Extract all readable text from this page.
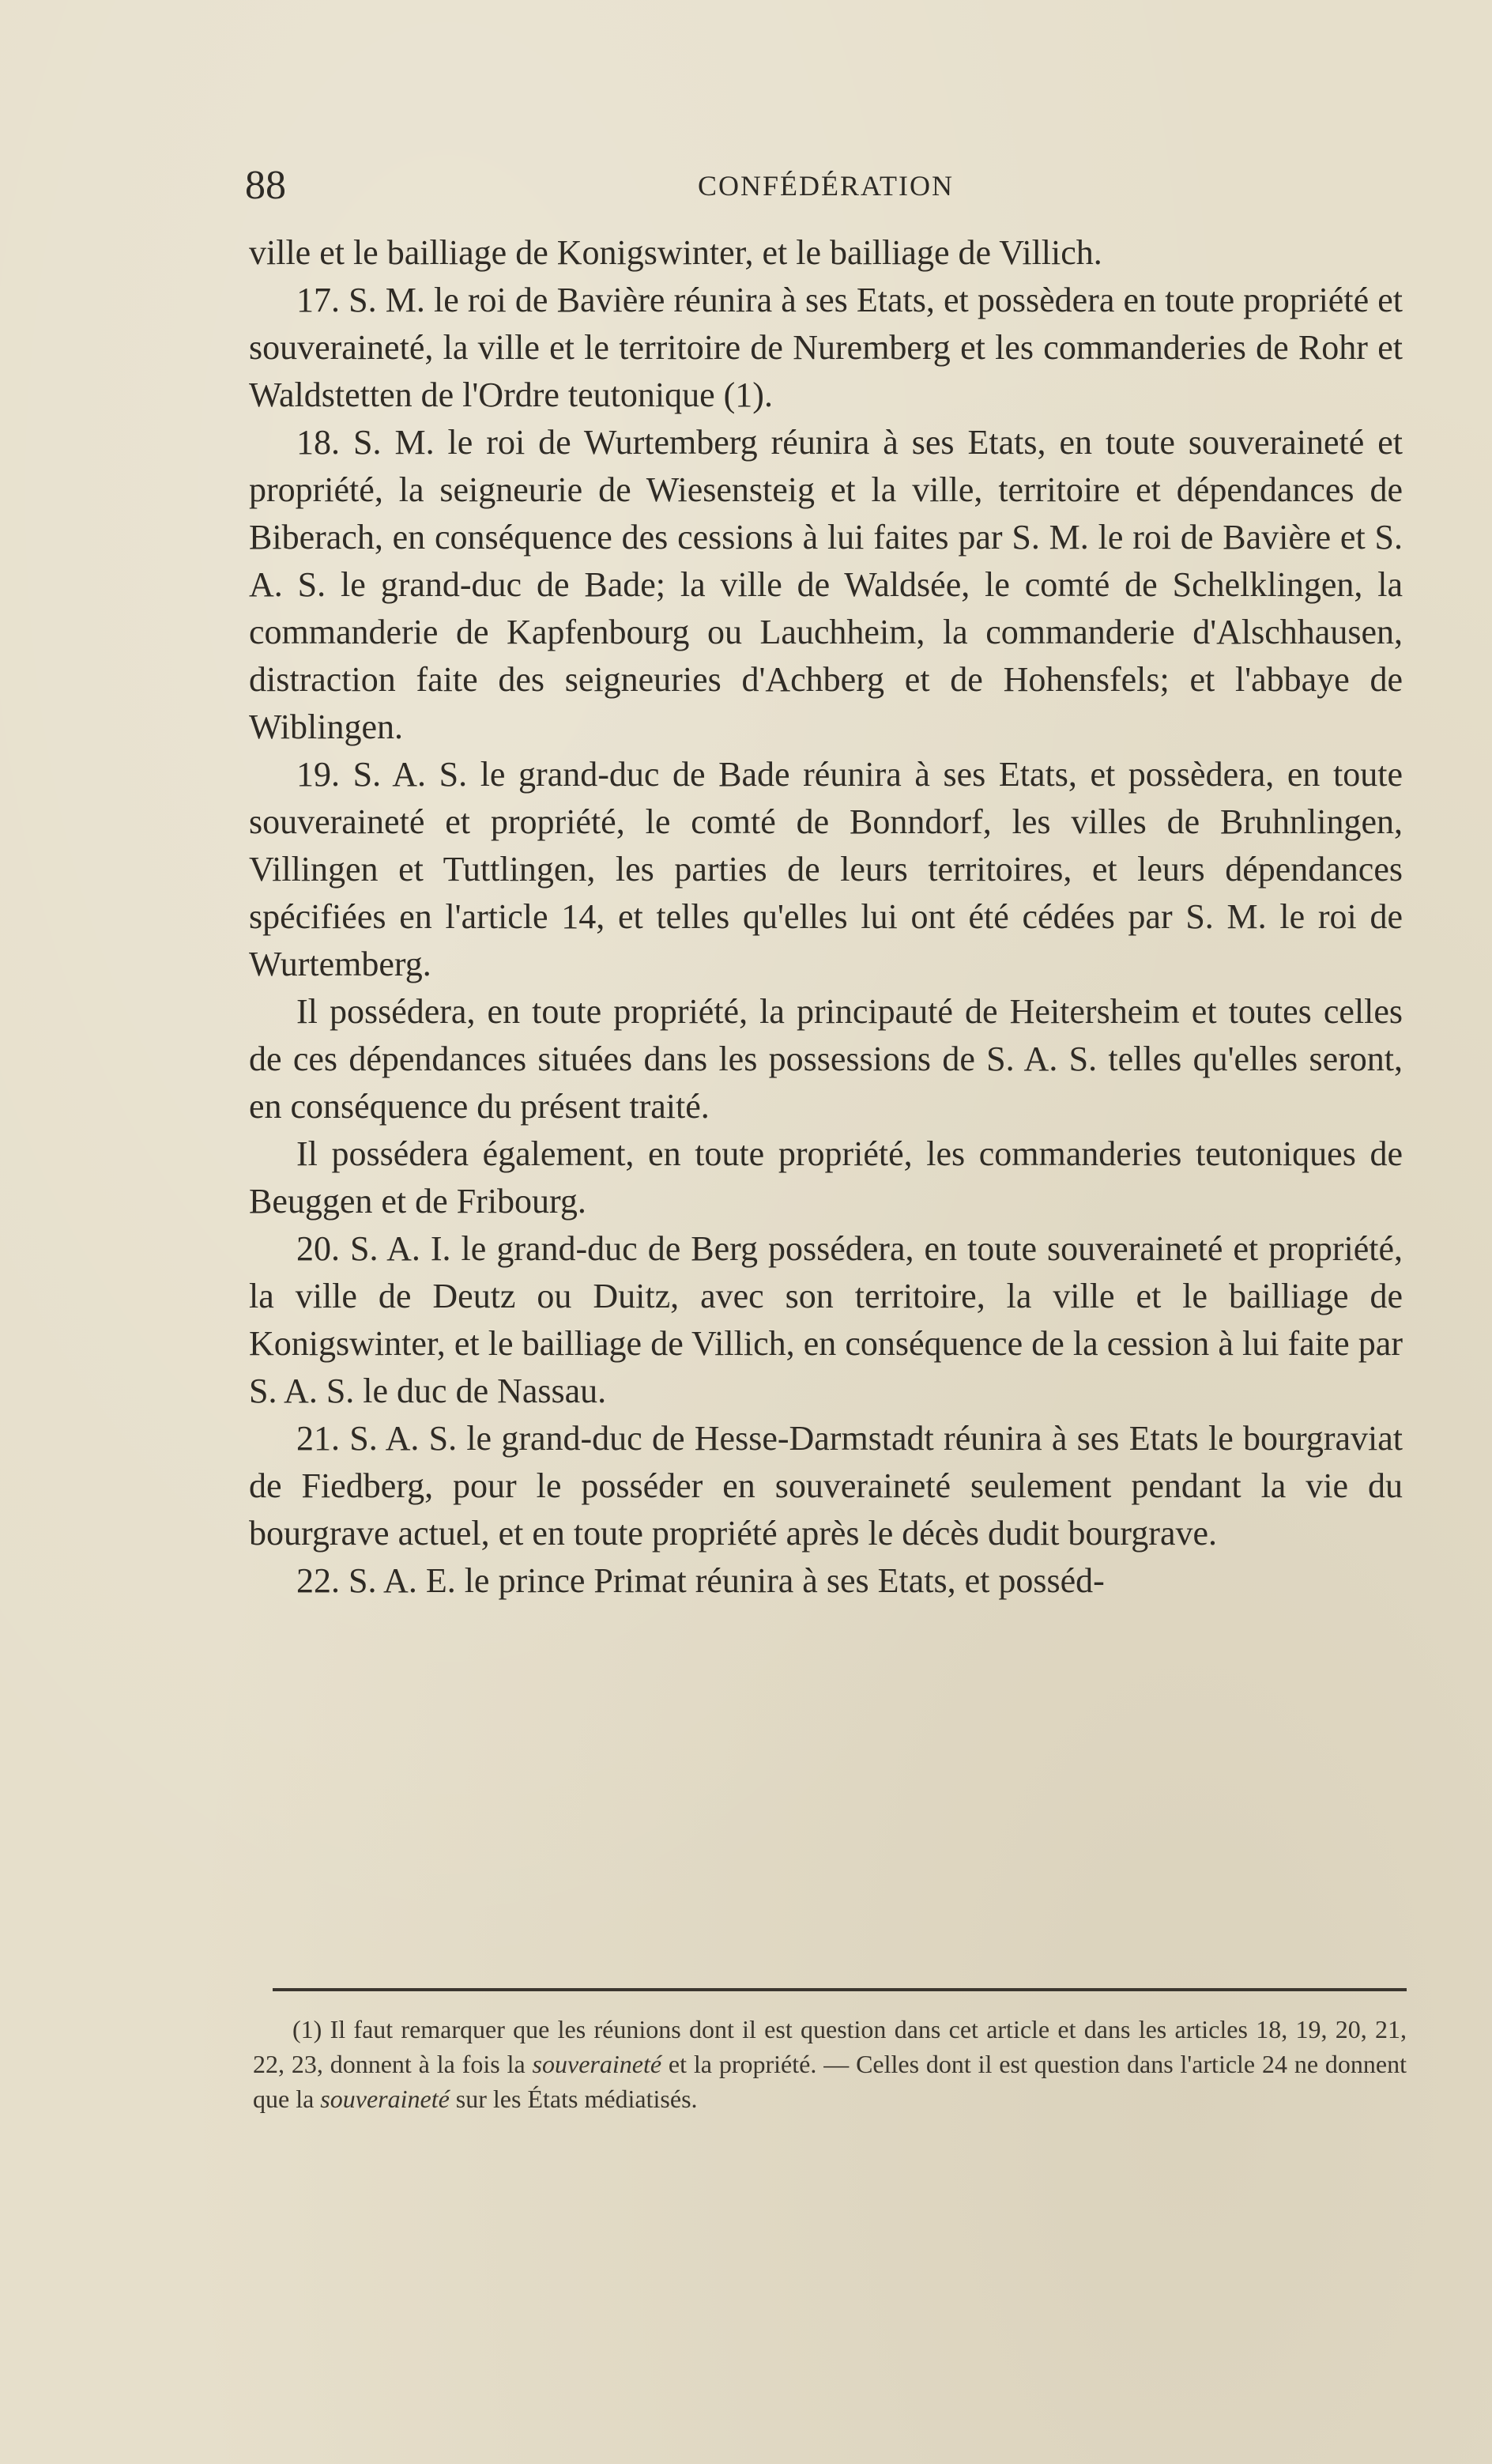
88	CONFÉDÉRATION

ville et le bailliage de Konigswinter, et le bailliage de Villich.

17. S. M. le roi de Bavière réunira à ses Etats, et possèdera en toute propriété et souveraineté, la ville et le territoire de Nuremberg et les commanderies de Rohr et Waldstetten de l'Ordre teutonique (1).

18. S. M. le roi de Wurtemberg réunira à ses Etats, en toute souveraineté et propriété, la seigneurie de Wiesensteig et la ville, territoire et dépendances de Biberach, en conséquence des cessions à lui faites par S. M. le roi de Bavière et S. A. S. le grand-duc de Bade; la ville de Waldsée, le comté de Schelklingen, la commanderie de Kapfenbourg ou Lauchheim, la commanderie d'Alschhausen, distraction faite des seigneuries d'Achberg et de Hohensfels; et l'abbaye de Wiblingen.

19. S. A. S. le grand-duc de Bade réunira à ses Etats, et possèdera, en toute souveraineté et propriété, le comté de Bonndorf, les villes de Bruhnlingen, Villingen et Tuttlingen, les parties de leurs territoires, et leurs dépendances spécifiées en l'article 14, et telles qu'elles lui ont été cédées par S. M. le roi de Wurtemberg.

Il possédera, en toute propriété, la principauté de Heitersheim et toutes celles de ces dépendances situées dans les possessions de S. A. S. telles qu'elles seront, en conséquence du présent traité.

Il possédera également, en toute propriété, les commanderies teutoniques de Beuggen et de Fribourg.

20. S. A. I. le grand-duc de Berg possédera, en toute souveraineté et propriété, la ville de Deutz ou Duitz, avec son territoire, la ville et le bailliage de Konigswinter, et le bailliage de Villich, en conséquence de la cession à lui faite par S. A. S. le duc de Nassau.

21. S. A. S. le grand-duc de Hesse-Darmstadt réunira à ses Etats le bourgraviat de Fiedberg, pour le posséder en souveraineté seulement pendant la vie du bourgrave actuel, et en toute propriété après le décès dudit bourgrave.

22. S. A. E. le prince Primat réunira à ses Etats, et posséd-

(1) Il faut remarquer que les réunions dont il est question dans cet article et dans les articles 18, 19, 20, 21, 22, 23, donnent à la fois la souveraineté et la propriété. — Celles dont il est question dans l'article 24 ne donnent que la souveraineté sur les États médiatisés.
